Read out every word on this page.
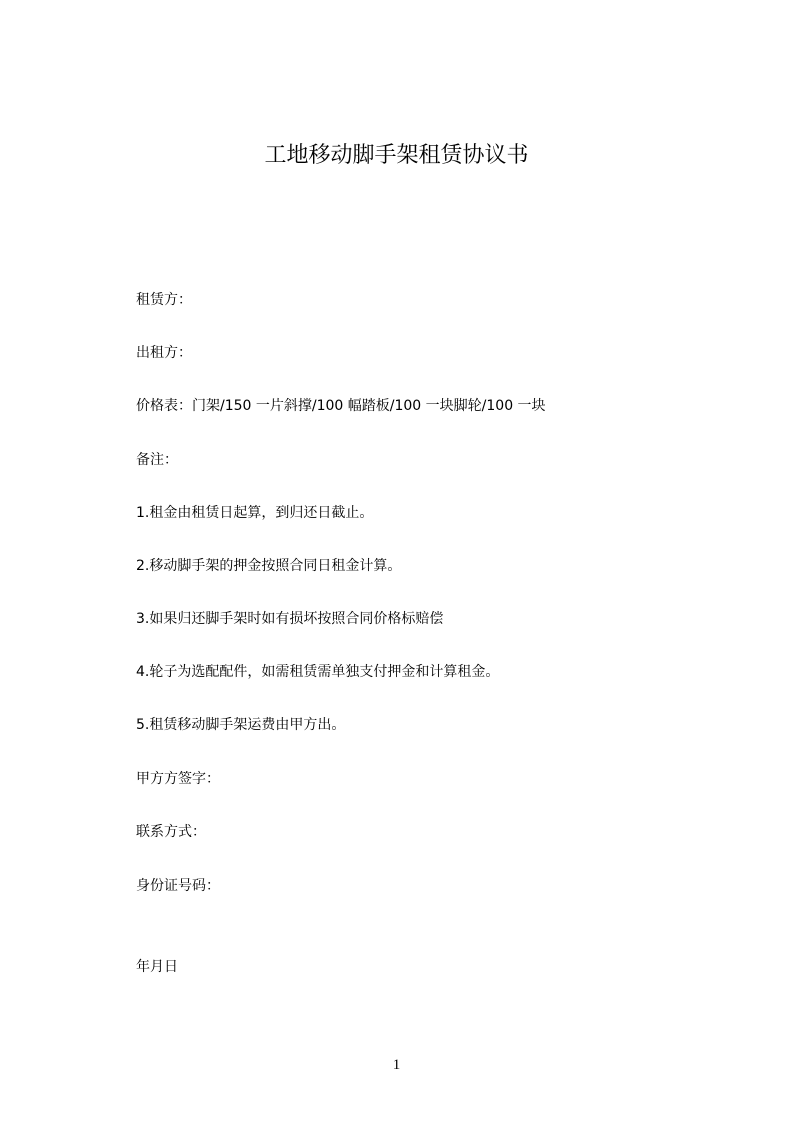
工地移动脚手架租赁协议书
租赁方：
出租方：
价格表：门架/150 一片斜撑/100 幅踏板/100 一块脚轮/100 一块
备注：
1.租金由租赁日起算，到归还日截止。
2.移动脚手架的押金按照合同日租金计算。
3.如果归还脚手架时如有损坏按照合同价格标赔偿
4.轮子为选配配件，如需租赁需单独支付押金和计算租金。
5.租赁移动脚手架运费由甲方出。
甲方方签字：
联系方式：
身份证号码：
年月日
1
